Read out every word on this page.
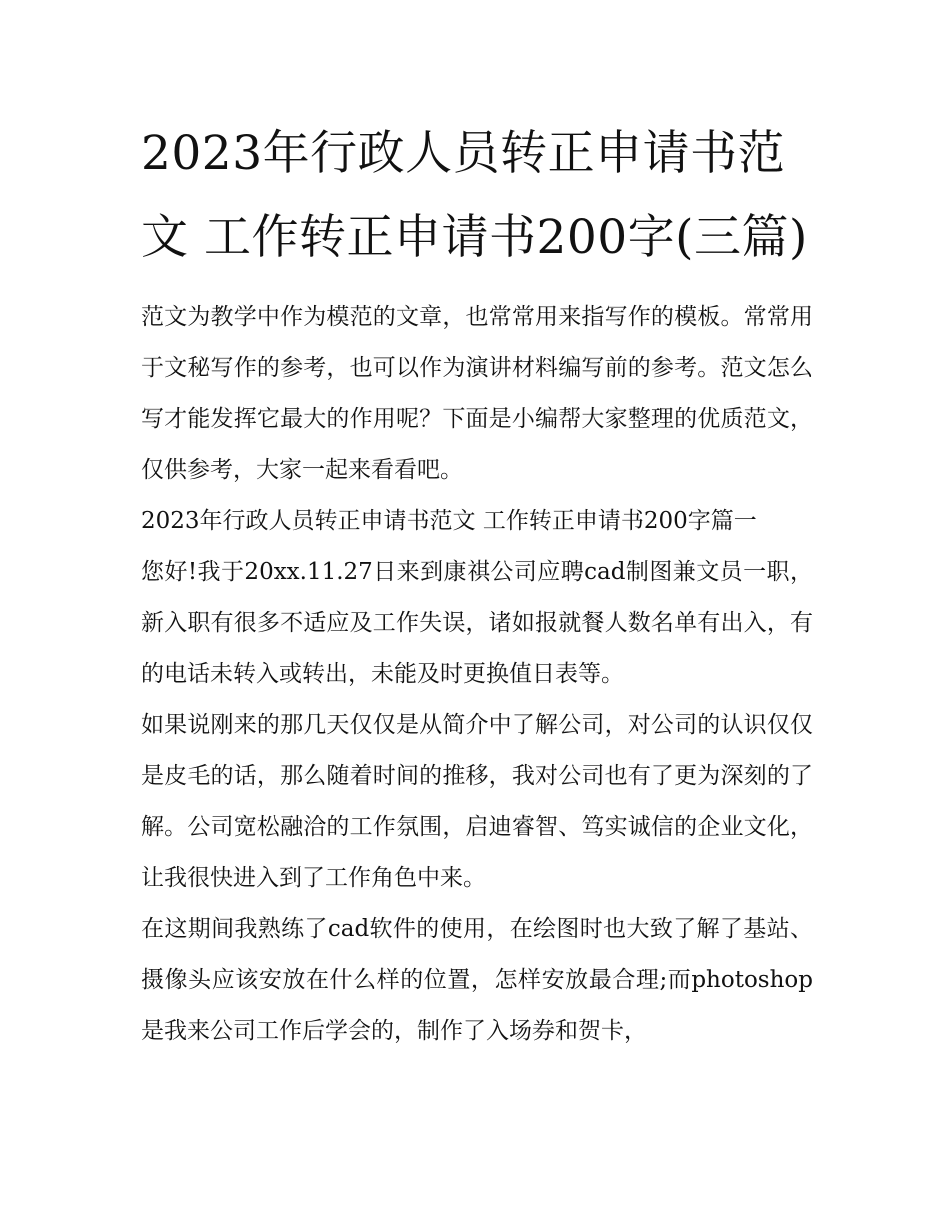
2023年行政人员转正申请书范文 工作转正申请书200字(三篇)

范文为教学中作为模范的文章，也常常用来指写作的模板。常常用于文秘写作的参考，也可以作为演讲材料编写前的参考。范文怎么写才能发挥它最大的作用呢？下面是小编帮大家整理的优质范文，仅供参考，大家一起来看看吧。

2023年行政人员转正申请书范文 工作转正申请书200字篇一

您好!我于20xx.11.27日来到康祺公司应聘cad制图兼文员一职，新入职有很多不适应及工作失误，诸如报就餐人数名单有出入，有的电话未转入或转出，未能及时更换值日表等。

如果说刚来的那几天仅仅是从简介中了解公司，对公司的认识仅仅是皮毛的话，那么随着时间的推移，我对公司也有了更为深刻的了解。公司宽松融洽的工作氛围，启迪睿智、笃实诚信的企业文化，让我很快进入到了工作角色中来。

在这期间我熟练了cad软件的使用，在绘图时也大致了解了基站、摄像头应该安放在什么样的位置，怎样安放最合理;而photoshop是我来公司工作后学会的，制作了入场券和贺卡，
